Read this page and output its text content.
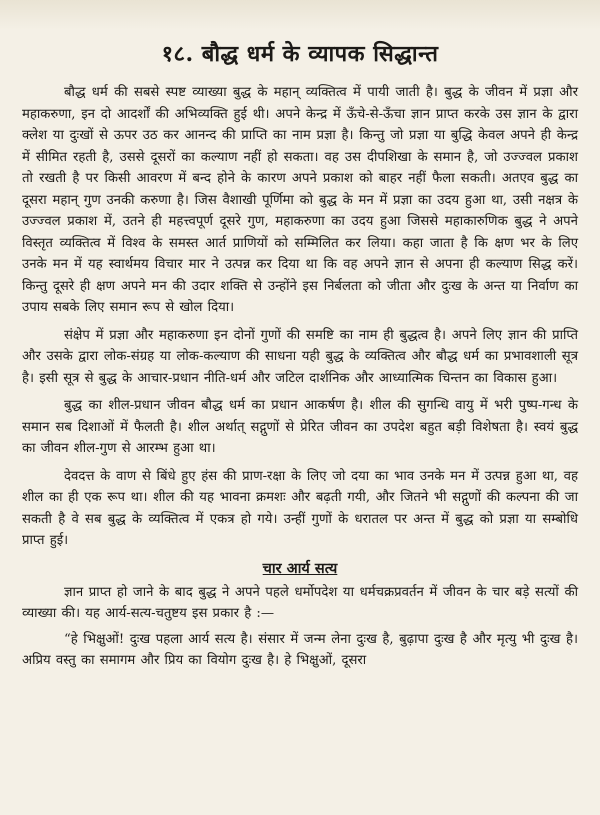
१८. बौद्ध धर्म के व्यापक सिद्धान्त

बौद्ध धर्म की सबसे स्पष्ट व्याख्या बुद्ध के महान् व्यक्तित्व में पायी जाती है। बुद्ध के जीवन में प्रज्ञा और महाकरुणा, इन दो आदर्शों की अभिव्यक्ति हुई थी। अपने केन्द्र में ऊँचे-से-ऊँचा ज्ञान प्राप्त करके उस ज्ञान के द्वारा क्लेश या दुःखों से ऊपर उठ कर आनन्द की प्राप्ति का नाम प्रज्ञा है। किन्तु जो प्रज्ञा या बुद्धि केवल अपने ही केन्द्र में सीमित रहती है, उससे दूसरों का कल्याण नहीं हो सकता। वह उस दीपशिखा के समान है, जो उज्ज्वल प्रकाश तो रखती है पर किसी आवरण में बन्द होने के कारण अपने प्रकाश को बाहर नहीं फैला सकती। अतएव बुद्ध का दूसरा महान् गुण उनकी करुणा है। जिस वैशाखी पूर्णिमा को बुद्ध के मन में प्रज्ञा का उदय हुआ था, उसी नक्षत्र के उज्ज्वल प्रकाश में, उतने ही महत्त्वपूर्ण दूसरे गुण, महाकरुणा का उदय हुआ जिससे महाकारुणिक बुद्ध ने अपने विस्तृत व्यक्तित्व में विश्व के समस्त आर्त प्राणियों को सम्मिलित कर लिया। कहा जाता है कि क्षण भर के लिए उनके मन में यह स्वार्थमय विचार मार ने उत्पन्न कर दिया था कि वह अपने ज्ञान से अपना ही कल्याण सिद्ध करें। किन्तु दूसरे ही क्षण अपने मन की उदार शक्ति से उन्होंने इस निर्बलता को जीता और दुःख के अन्त या निर्वाण का उपाय सबके लिए समान रूप से खोल दिया।

संक्षेप में प्रज्ञा और महाकरुणा इन दोनों गुणों की समष्टि का नाम ही बुद्धत्व है। अपने लिए ज्ञान की प्राप्ति और उसके द्वारा लोक-संग्रह या लोक-कल्याण की साधना यही बुद्ध के व्यक्तित्व और बौद्ध धर्म का प्रभावशाली सूत्र है। इसी सूत्र से बुद्ध के आचार-प्रधान नीति-धर्म और जटिल दार्शनिक और आध्यात्मिक चिन्तन का विकास हुआ।

बुद्ध का शील-प्रधान जीवन बौद्ध धर्म का प्रधान आकर्षण है। शील की सुगन्धि वायु में भरी पुष्प-गन्ध के समान सब दिशाओं में फैलती है। शील अर्थात् सद्गुणों से प्रेरित जीवन का उपदेश बहुत बड़ी विशेषता है। स्वयं बुद्ध का जीवन शील-गुण से आरम्भ हुआ था।

देवदत्त के वाण से बिंधे हुए हंस की प्राण-रक्षा के लिए जो दया का भाव उनके मन में उत्पन्न हुआ था, वह शील का ही एक रूप था। शील की यह भावना क्रमशः और बढ़ती गयी, और जितने भी सद्गुणों की कल्पना की जा सकती है वे सब बुद्ध के व्यक्तित्व में एकत्र हो गये। उन्हीं गुणों के धरातल पर अन्त में बुद्ध को प्रज्ञा या सम्बोधि प्राप्त हुई।

चार आर्य सत्य

ज्ञान प्राप्त हो जाने के बाद बुद्ध ने अपने पहले धर्मोपदेश या धर्मचक्रप्रवर्तन में जीवन के चार बड़े सत्यों की व्याख्या की। यह आर्य-सत्य-चतुष्टय इस प्रकार है :—

“हे भिक्षुओं! दुःख पहला आर्य सत्य है। संसार में जन्म लेना दुःख है, बुढ़ापा दुःख है और मृत्यु भी दुःख है। अप्रिय वस्तु का समागम और प्रिय का वियोग दुःख है। हे भिक्षुओं, दूसरा
